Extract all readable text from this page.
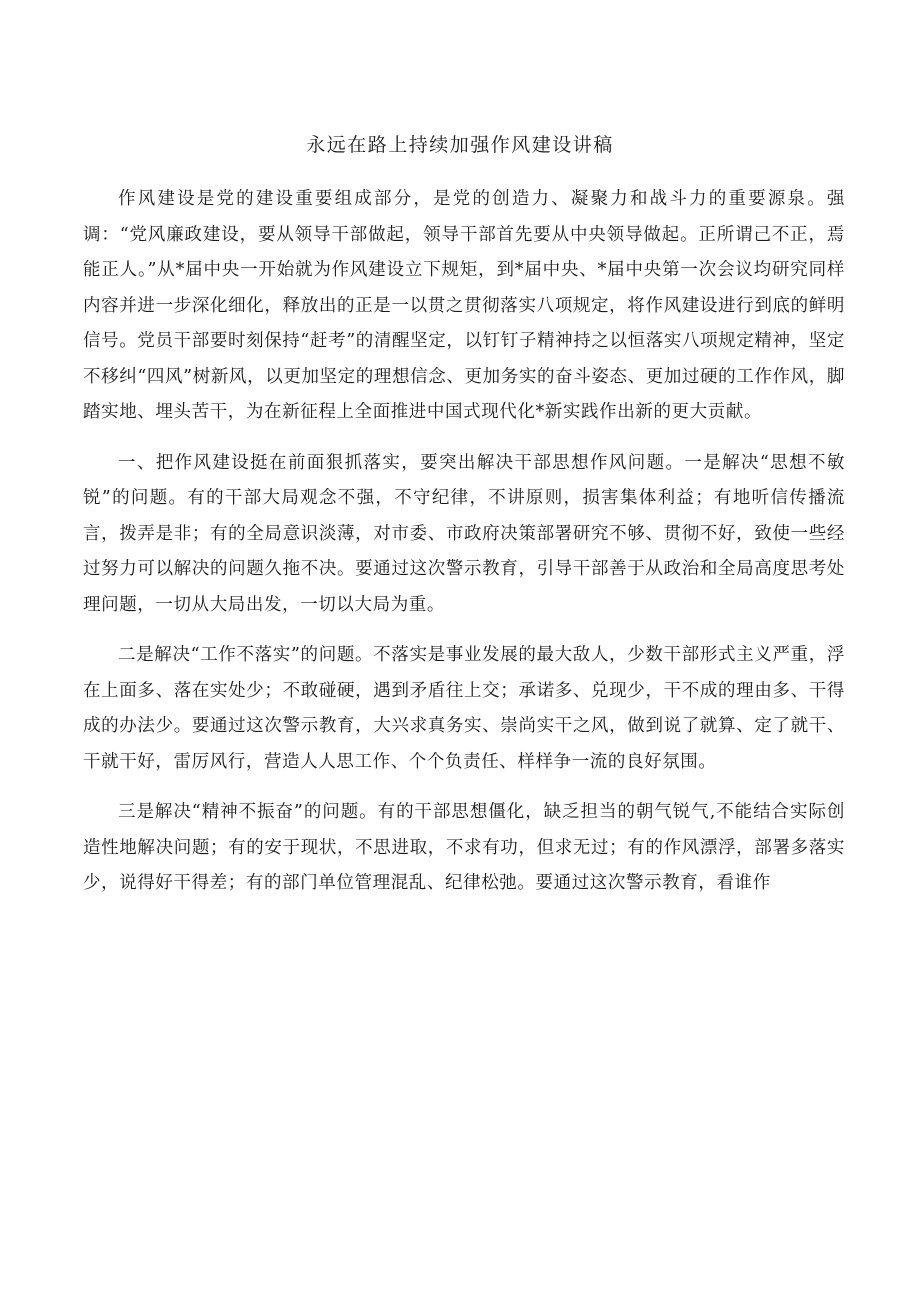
永远在路上持续加强作风建设讲稿

作风建设是党的建设重要组成部分，是党的创造力、凝聚力和战斗力的重要源泉。强调：“党风廉政建设，要从领导干部做起，领导干部首先要从中央领导做起。正所谓己不正，焉能正人。”从*届中央一开始就为作风建设立下规矩，到*届中央、*届中央第一次会议均研究同样内容并进一步深化细化，释放出的正是一以贯之贯彻落实八项规定，将作风建设进行到底的鲜明信号。党员干部要时刻保持“赶考”的清醒坚定，以钉钉子精神持之以恒落实八项规定精神，坚定不移纠“四风”树新风，以更加坚定的理想信念、更加务实的奋斗姿态、更加过硬的工作作风，脚踏实地、埋头苦干，为在新征程上全面推进中国式现代化*新实践作出新的更大贡献。

一、把作风建设挺在前面狠抓落实，要突出解决干部思想作风问题。一是解决“思想不敏锐”的问题。有的干部大局观念不强，不守纪律，不讲原则，损害集体利益；有地听信传播流言，拨弄是非；有的全局意识淡薄，对市委、市政府决策部署研究不够、贯彻不好，致使一些经过努力可以解决的问题久拖不决。要通过这次警示教育，引导干部善于从政治和全局高度思考处理问题，一切从大局出发，一切以大局为重。

二是解决“工作不落实”的问题。不落实是事业发展的最大敌人，少数干部形式主义严重，浮在上面多、落在实处少；不敢碰硬，遇到矛盾往上交；承诺多、兑现少，干不成的理由多、干得成的办法少。要通过这次警示教育，大兴求真务实、崇尚实干之风，做到说了就算、定了就干、干就干好，雷厉风行，营造人人思工作、个个负责任、样样争一流的良好氛围。

三是解决“精神不振奋”的问题。有的干部思想僵化，缺乏担当的朝气锐气,不能结合实际创造性地解决问题；有的安于现状，不思进取，不求有功，但求无过；有的作风漂浮，部署多落实少，说得好干得差；有的部门单位管理混乱、纪律松弛。要通过这次警示教育，看谁作
